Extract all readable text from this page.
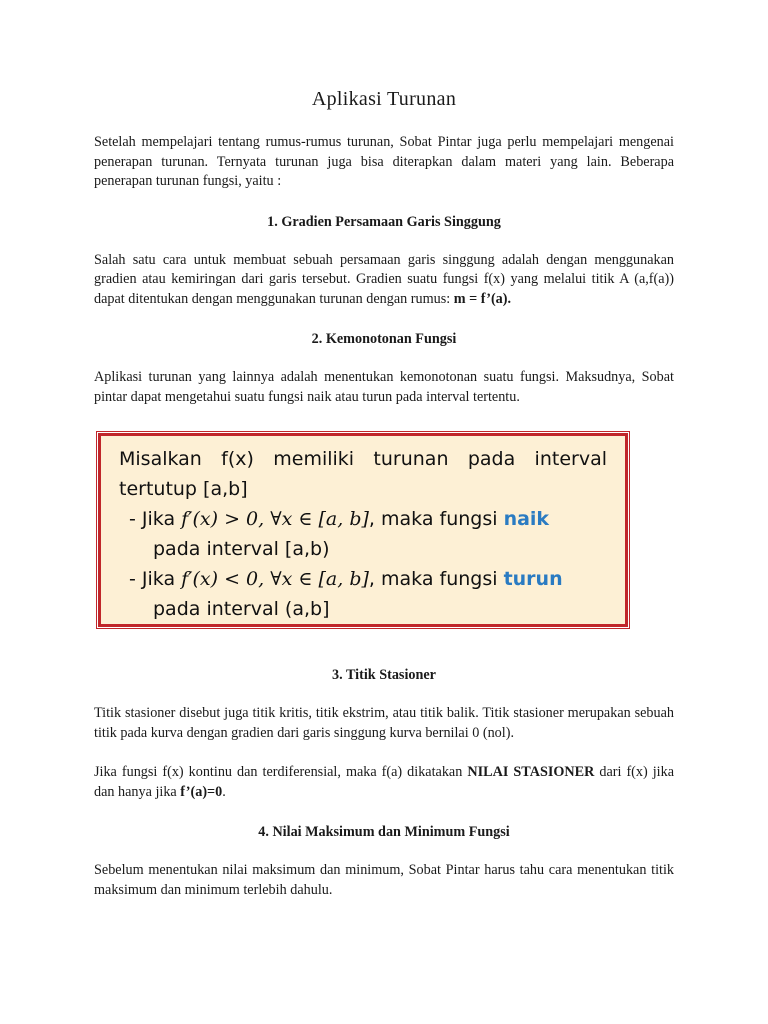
Aplikasi Turunan

Setelah mempelajari tentang rumus-rumus turunan, Sobat Pintar juga perlu mempelajari mengenai penerapan turunan. Ternyata turunan juga bisa diterapkan dalam materi yang lain. Beberapa penerapan turunan fungsi, yaitu :

1. Gradien Persamaan Garis Singgung

Salah satu cara untuk membuat sebuah persamaan garis singgung adalah dengan menggunakan gradien atau kemiringan dari garis tersebut. Gradien suatu fungsi f(x) yang melalui titik A (a,f(a)) dapat ditentukan dengan menggunakan turunan dengan rumus: m = f’(a).

2. Kemonotonan Fungsi

Aplikasi turunan yang lainnya adalah menentukan kemonotonan suatu fungsi. Maksudnya, Sobat pintar dapat mengetahui suatu fungsi naik atau turun pada interval tertentu.

Misalkan f(x) memiliki turunan pada interval
tertutup [a,b]
- Jika f′(x) > 0, ∀x ∈ [a, b], maka fungsi naik
pada interval [a,b)
- Jika f′(x) < 0, ∀x ∈ [a, b], maka fungsi turun
pada interval (a,b]
3. Titik Stasioner

Titik stasioner disebut juga titik kritis, titik ekstrim, atau titik balik. Titik stasioner merupakan sebuah titik pada kurva dengan gradien dari garis singgung kurva bernilai 0 (nol).

Jika fungsi f(x) kontinu dan terdiferensial, maka f(a) dikatakan NILAI STASIONER dari f(x) jika dan hanya jika f’(a)=0.

4. Nilai Maksimum dan Minimum Fungsi

Sebelum menentukan nilai maksimum dan minimum, Sobat Pintar harus tahu cara menentukan titik maksimum dan minimum terlebih dahulu.
